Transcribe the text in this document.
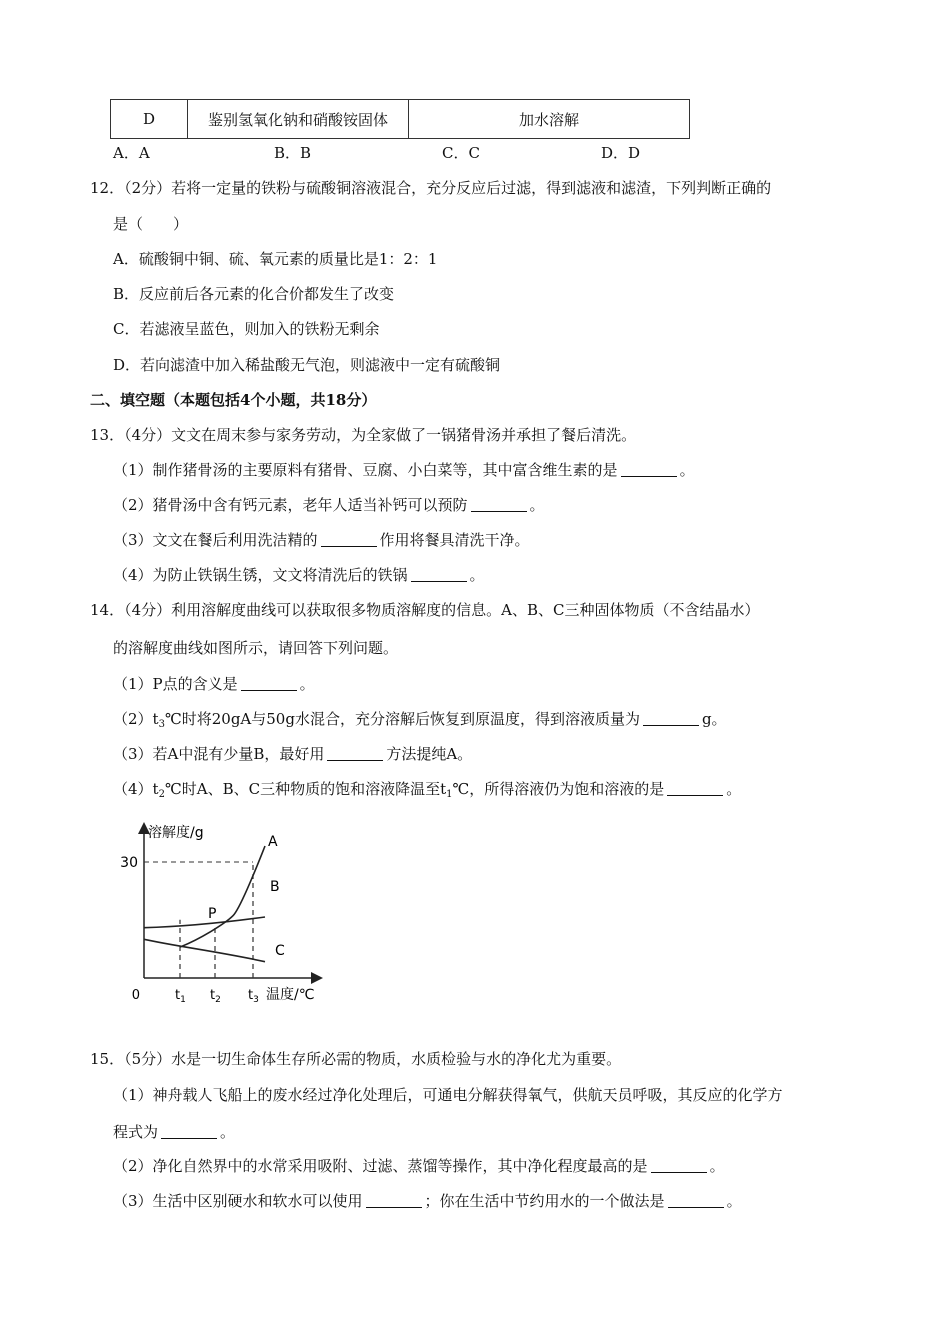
D	鉴别氢氧化钠和硝酸铵固体	加水溶解
A．A	B．B	C．C	D．D
12．（2分）若将一定量的铁粉与硫酸铜溶液混合，充分反应后过滤，得到滤液和滤渣，下列判断正确的
是（　　）
A．硫酸铜中铜、硫、氧元素的质量比是1：2：1
B．反应前后各元素的化合价都发生了改变
C．若滤液呈蓝色，则加入的铁粉无剩余
D．若向滤渣中加入稀盐酸无气泡，则滤液中一定有硫酸铜
二、填空题（本题包括4个小题，共18分）
13．（4分）文文在周末参与家务劳动，为全家做了一锅猪骨汤并承担了餐后清洗。
（1）制作猪骨汤的主要原料有猪骨、豆腐、小白菜等，其中富含维生素的是	。
（2）猪骨汤中含有钙元素，老年人适当补钙可以预防	。
（3）文文在餐后利用洗洁精的	作用将餐具清洗干净。
（4）为防止铁锅生锈，文文将清洗后的铁锅	。
14．（4分）利用溶解度曲线可以获取很多物质溶解度的信息。A、B、C三种固体物质（不含结晶水）
的溶解度曲线如图所示，请回答下列问题。
（1）P点的含义是	。
$(2)t_3℃$时将20gA与50g水混合，充分溶解后恢复到原温度，得到溶液质量为	g。
（3）若A中混有少量B，最好用	方法提纯A。
$(4)t_2℃$时A、B、C三种物质的饱和溶液降温至$t_1℃$，所得溶液仍为饱和溶液的是	。
溶解度/g
温度/℃
0
30
$t_1$ $t_2$ $t_3$
A
B
C
P
15．（5分）水是一切生命体生存所必需的物质，水质检验与水的净化尤为重要。
（1）神舟载人飞船上的废水经过净化处理后，可通电分解获得氧气，供航天员呼吸，其反应的化学方
程式为	。
（2）净化自然界中的水常采用吸附、过滤、蒸馏等操作，其中净化程度最高的是	。
（3）生活中区别硬水和软水可以使用	；你在生活中节约用水的一个做法是	。
